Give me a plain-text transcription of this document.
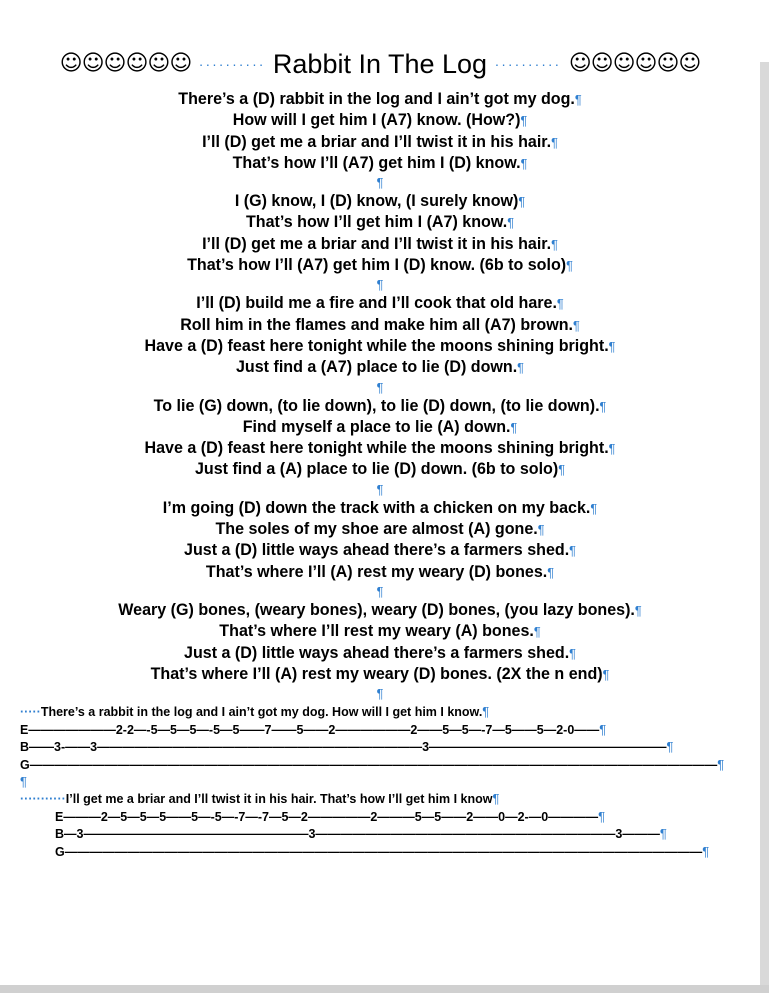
☺☺☺☺☺☺ ·········· Rabbit In The Log ·········· ☺☺☺☺☺☺
There’s a (D) rabbit in the log and I ain’t got my dog.¶
How will I get him I (A7) know. (How?)¶
I’ll (D) get me a briar and I’ll twist it in his hair.¶
That’s how I’ll (A7) get him I (D) know.¶
¶
I (G) know, I (D) know, (I surely know)¶
That’s how I’ll get him I (A7) know.¶
I’ll (D) get me a briar and I’ll twist it in his hair.¶
That’s how I’ll (A7) get him I (D) know. (6b to solo)¶
¶
I’ll (D) build me a fire and I’ll cook that old hare.¶
Roll him in the flames and make him all (A7) brown.¶
Have a (D) feast here tonight while the moons shining bright.¶
Just find a (A7) place to lie (D) down.¶
¶
To lie (G) down, (to lie down), to lie (D) down, (to lie down).¶
Find myself a place to lie (A) down.¶
Have a (D) feast here tonight while the moons shining bright.¶
Just find a (A) place to lie (D) down. (6b to solo)¶
¶
I’m going (D) down the track with a chicken on my back.¶
The soles of my shoe are almost (A) gone.¶
Just a (D) little ways ahead there’s a farmers shed.¶
That’s where I’ll (A) rest my weary (D) bones.¶
¶
Weary (G) bones, (weary bones), weary (D) bones, (you lazy bones).¶
That’s where I’ll rest my weary (A) bones.¶
Just a (D) little ways ahead there’s a farmers shed.¶
That’s where I’ll (A) rest my weary (D) bones. (2X the n end)¶
¶
·····There’s a rabbit in the log and I ain’t got my dog. How will I get him I know.¶
E———————2-2—-5—5—5—-5—5——7——5——2——————2——5—5—-7—5——5—2-0——¶
B——3-——3——————————————————————————3———————————————————¶
G———————————————————————————————————————————————————————¶
¶
···········I’ll get me a briar and I’ll twist it in his hair. That’s how I’ll get him I know¶
E———2—5—5—5——5—-5—-7—-7—5—2—————2———5—5——2——0—2-—0————¶
B—3——————————————————3————————————————————————3———¶
G———————————————————————————————————————————————————¶
